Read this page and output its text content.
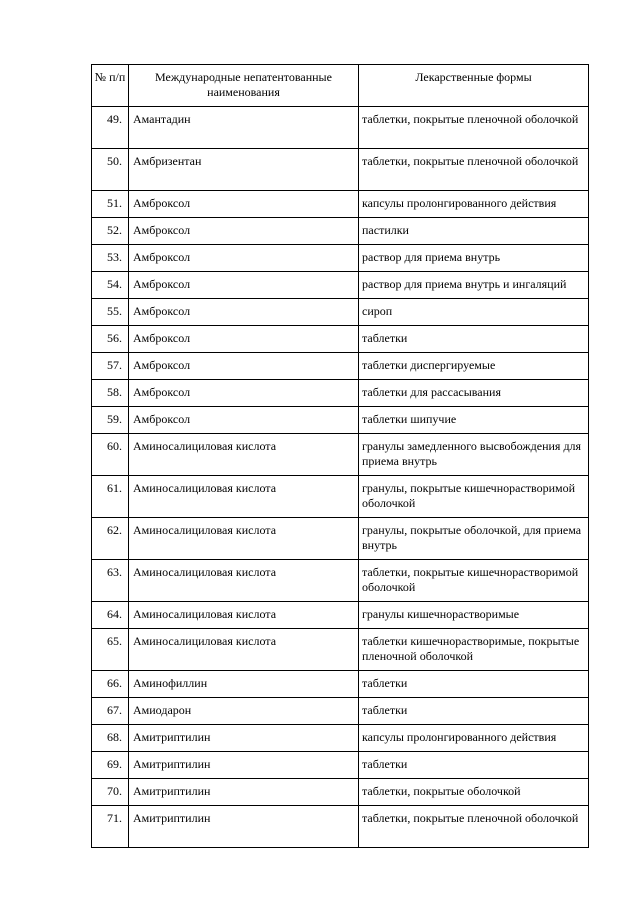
№ п/п	Международные непатентованные наименования	Лекарственные формы
49.	Амантадин	таблетки, покрытые пленочной оболочкой
50.	Амбризентан	таблетки, покрытые пленочной оболочкой
51.	Амброксол	капсулы пролонгированного действия
52.	Амброксол	пастилки
53.	Амброксол	раствор для приема внутрь
54.	Амброксол	раствор для приема внутрь и ингаляций
55.	Амброксол	сироп
56.	Амброксол	таблетки
57.	Амброксол	таблетки диспергируемые
58.	Амброксол	таблетки для рассасывания
59.	Амброксол	таблетки шипучие
60.	Аминосалициловая кислота	гранулы замедленного высвобождения для приема внутрь
61.	Аминосалициловая кислота	гранулы, покрытые кишечнорастворимой оболочкой
62.	Аминосалициловая кислота	гранулы, покрытые оболочкой, для приема внутрь
63.	Аминосалициловая кислота	таблетки, покрытые кишечнорастворимой оболочкой
64.	Аминосалициловая кислота	гранулы кишечнорастворимые
65.	Аминосалициловая кислота	таблетки кишечнорастворимые, покрытые пленочной оболочкой
66.	Аминофиллин	таблетки
67.	Амиодарон	таблетки
68.	Амитриптилин	капсулы пролонгированного действия
69.	Амитриптилин	таблетки
70.	Амитриптилин	таблетки, покрытые оболочкой
71.	Амитриптилин	таблетки, покрытые пленочной оболочкой
